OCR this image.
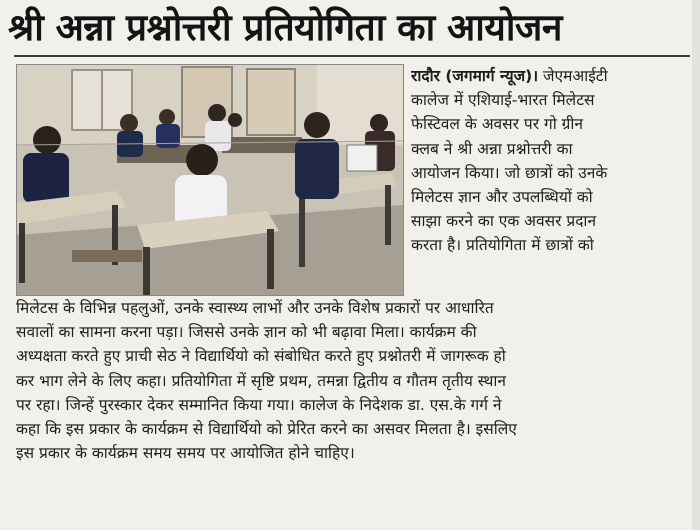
श्री अन्ना प्रश्नोत्तरी प्रतियोगिता का आयोजन
रादौर (जगमार्ग न्यूज)। जेएमआईटी
कालेज में एशियाई-भारत मिलेटस
फेस्टिवल के अवसर पर गो ग्रीन
क्लब ने श्री अन्ना प्रश्नोत्तरी का
आयोजन किया। जो छात्रों को उनके
मिलेटस ज्ञान और उपलब्धियों को
साझा करने का एक अवसर प्रदान
करता है। प्रतियोगिता में छात्रों को
मिलेटस के विभिन्न पहलुओं, उनके स्वास्थ्य लाभों और उनके विशेष प्रकारों पर आधारित
सवालों का सामना करना पड़ा। जिससे उनके ज्ञान को भी बढ़ावा मिला। कार्यक्रम की
अध्यक्षता करते हुए प्राची सेठ ने विद्यार्थियो को संबोधित करते हुए प्रश्नोतरी में जागरूक हो
कर भाग लेने के लिए कहा। प्रतियोगिता में सृष्टि प्रथम, तमन्ना द्वितीय व गौतम तृतीय स्थान
पर रहा। जिन्हें पुरस्कार देकर सम्मानित किया गया। कालेज के निदेशक डा. एस.के गर्ग ने
कहा कि इस प्रकार के कार्यक्रम से विद्यार्थियो को प्रेरित करने का असवर मिलता है। इसलिए
इस प्रकार के कार्यक्रम समय समय पर आयोजित होने चाहिए।
